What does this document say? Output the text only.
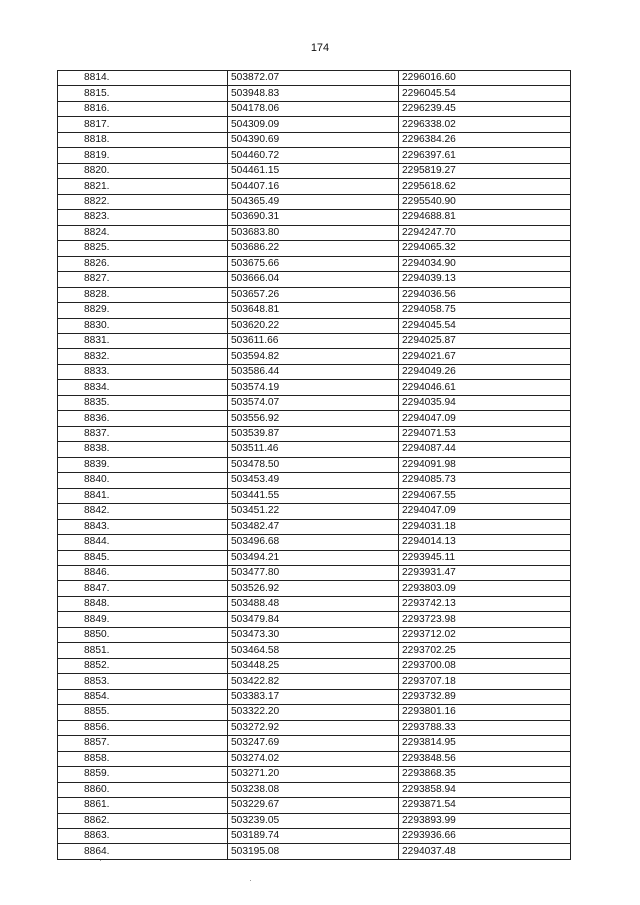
174
8814.	503872.07	2296016.60
8815.	503948.83	2296045.54
8816.	504178.06	2296239.45
8817.	504309.09	2296338.02
8818.	504390.69	2296384.26
8819.	504460.72	2296397.61
8820.	504461.15	2295819.27
8821.	504407.16	2295618.62
8822.	504365.49	2295540.90
8823.	503690.31	2294688.81
8824.	503683.80	2294247.70
8825.	503686.22	2294065.32
8826.	503675.66	2294034.90
8827.	503666.04	2294039.13
8828.	503657.26	2294036.56
8829.	503648.81	2294058.75
8830.	503620.22	2294045.54
8831.	503611.66	2294025.87
8832.	503594.82	2294021.67
8833.	503586.44	2294049.26
8834.	503574.19	2294046.61
8835.	503574.07	2294035.94
8836.	503556.92	2294047.09
8837.	503539.87	2294071.53
8838.	503511.46	2294087.44
8839.	503478.50	2294091.98
8840.	503453.49	2294085.73
8841.	503441.55	2294067.55
8842.	503451.22	2294047.09
8843.	503482.47	2294031.18
8844.	503496.68	2294014.13
8845.	503494.21	2293945.11
8846.	503477.80	2293931.47
8847.	503526.92	2293803.09
8848.	503488.48	2293742.13
8849.	503479.84	2293723.98
8850.	503473.30	2293712.02
8851.	503464.58	2293702.25
8852.	503448.25	2293700.08
8853.	503422.82	2293707.18
8854.	503383.17	2293732.89
8855.	503322.20	2293801.16
8856.	503272.92	2293788.33
8857.	503247.69	2293814.95
8858.	503274.02	2293848.56
8859.	503271.20	2293868.35
8860.	503238.08	2293858.94
8861.	503229.67	2293871.54
8862.	503239.05	2293893.99
8863.	503189.74	2293936.66
8864.	503195.08	2294037.48
